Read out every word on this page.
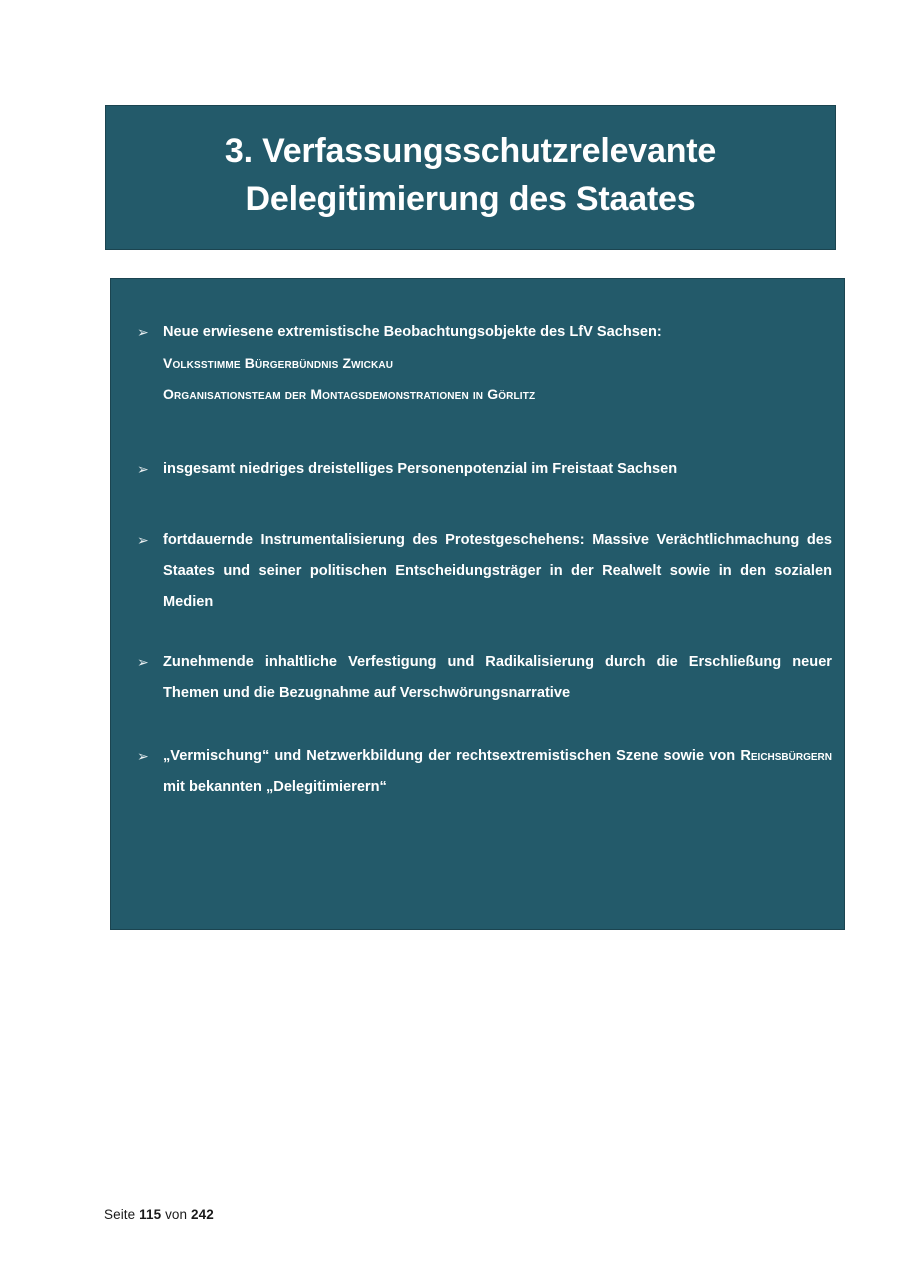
3. Verfassungsschutzrelevante
Delegitimierung des Staates
➢ Neue erwiesene extremistische Beobachtungsobjekte des LfV Sachsen:
Volksstimme Bürgerbündnis Zwickau
Organisationsteam der Montagsdemonstrationen in Görlitz
➢ insgesamt niedriges dreistelliges Personenpotenzial im Freistaat Sachsen
➢ fortdauernde Instrumentalisierung des Protestgeschehens: Massive Verächtlichmachung des Staates und seiner politischen Entscheidungsträger in der Realwelt sowie in den sozialen Medien
➢ Zunehmende inhaltliche Verfestigung und Radikalisierung durch die Erschließung neuer Themen und die Bezugnahme auf Verschwörungsnarrative
➢ „Vermischung“ und Netzwerkbildung der rechtsextremistischen Szene sowie von Reichsbürgern mit bekannten „Delegitimierern“
Seite 115 von 242
